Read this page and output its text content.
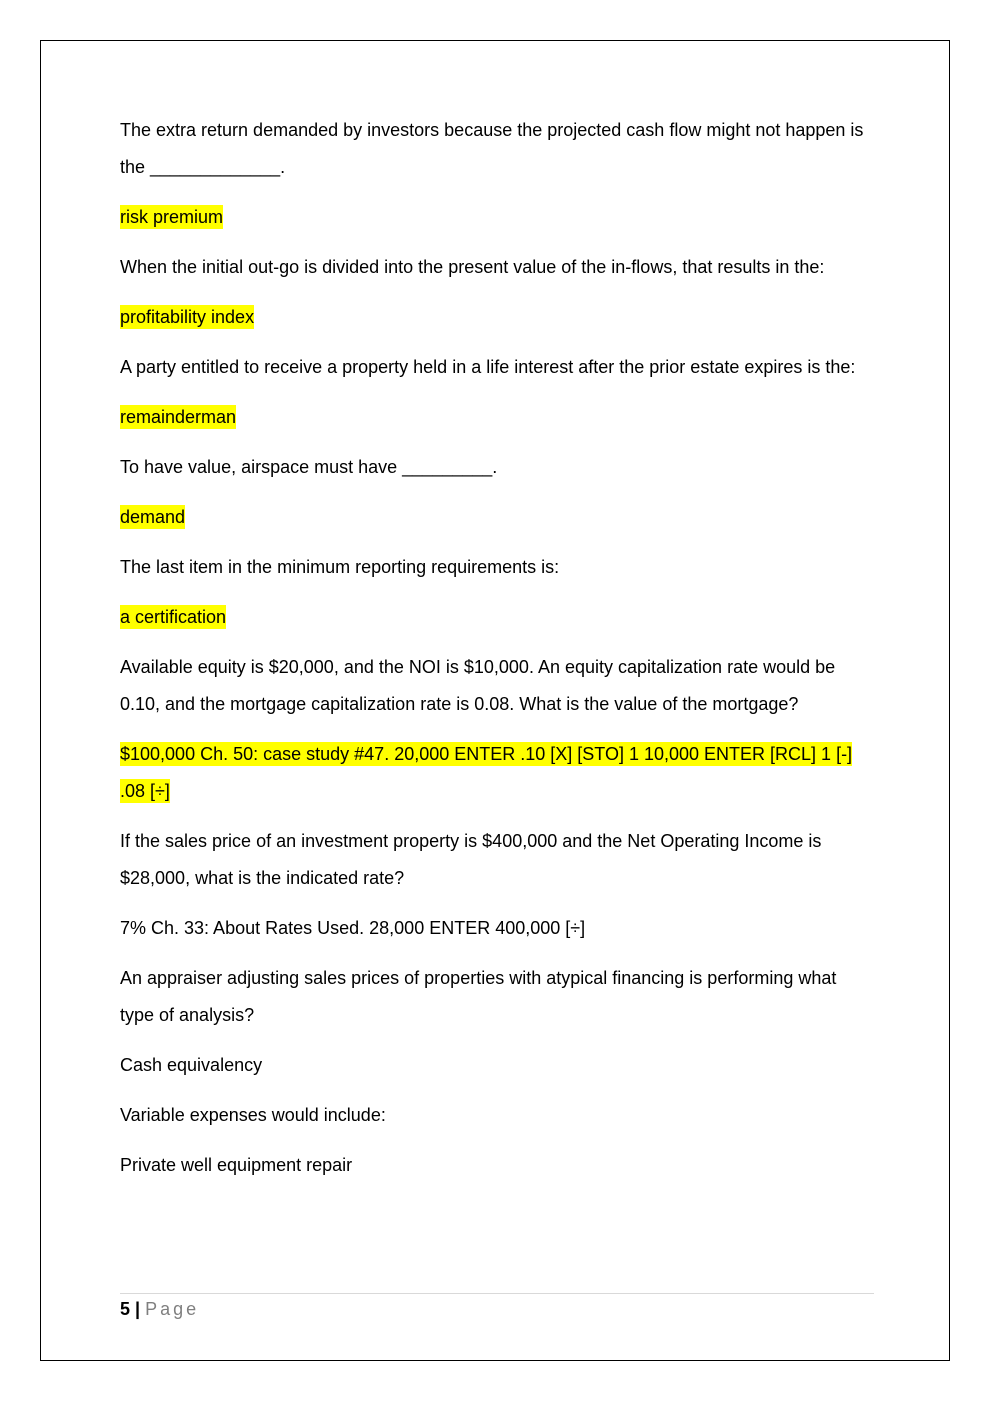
The extra return demanded by investors because the projected cash flow might not happen is the _____________.

risk premium

When the initial out-go is divided into the present value of the in-flows, that results in the:

profitability index

A party entitled to receive a property held in a life interest after the prior estate expires is the:

remainderman

To have value, airspace must have _________.

demand

The last item in the minimum reporting requirements is:

a certification

Available equity is $20,000, and the NOI is $10,000. An equity capitalization rate would be 0.10, and the mortgage capitalization rate is 0.08. What is the value of the mortgage?

$100,000 Ch. 50: case study #47. 20,000 ENTER .10 [X] [STO] 1 10,000 ENTER [RCL] 1 [-] .08 [÷]

If the sales price of an investment property is $400,000 and the Net Operating Income is $28,000, what is the indicated rate?

7% Ch. 33: About Rates Used. 28,000 ENTER 400,000 [÷]

An appraiser adjusting sales prices of properties with atypical financing is performing what type of analysis?

Cash equivalency

Variable expenses would include:

Private well equipment repair

5 | Page
